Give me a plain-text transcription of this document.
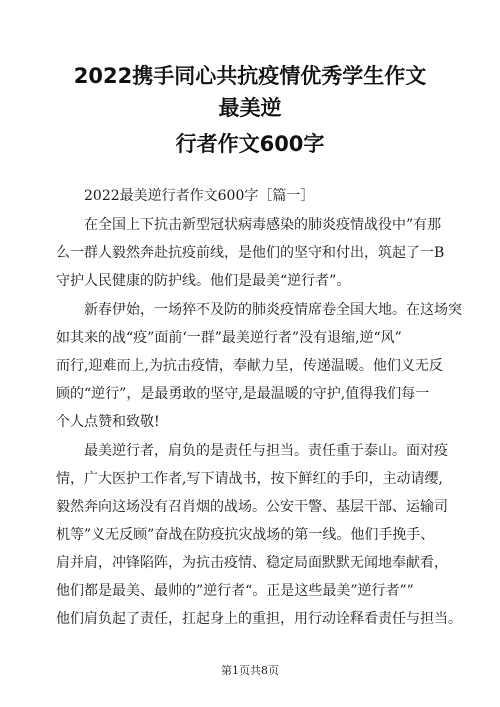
2022携手同心共抗疫情优秀学生作文
最美逆
行者作文600字
2022最美逆行者作文600字［篇一］
在全国上下抗击新型冠状病毒感染的肺炎疫情战役中”有那
么一群人毅然奔赴抗疫前线，是他们的坚守和付出，筑起了一B
守护人民健康的防护线。他们是最美“逆行者”。
新春伊始，一场猝不及防的肺炎疫情席卷全国大地。在这场突
如其来的战“疫”面前‘一群”最美逆行者”没有退缩,逆“风”
而行,迎难而上,为抗击疫情，奉献力呈，传递温暖。他们义无反
顾的“逆行”，是最勇敢的坚守,是最温暖的守护,值得我们每一
个人点赞和致敬!
最美逆行者，肩负的是责任与担当。责任重于泰山。面对疫
情，广大医护工作者,写下请战书，按下鲜红的手印，主动请缨,
毅然奔向这场没有召肖烟的战场。公安干警、基层干部、运输司
机等”义无反顾”奋战在防疫抗灾战场的第一线。他们手挽手、
肩并肩，冲锋陷阵，为抗击疫情、稳定局面默默无闻地奉献看，
他们都是最美、最帅的”逆行者“。正是这些最美”逆行者””
他们肩负起了责任，扛起身上的重担，用行动诠释看责任与担当。
第1页共8页
